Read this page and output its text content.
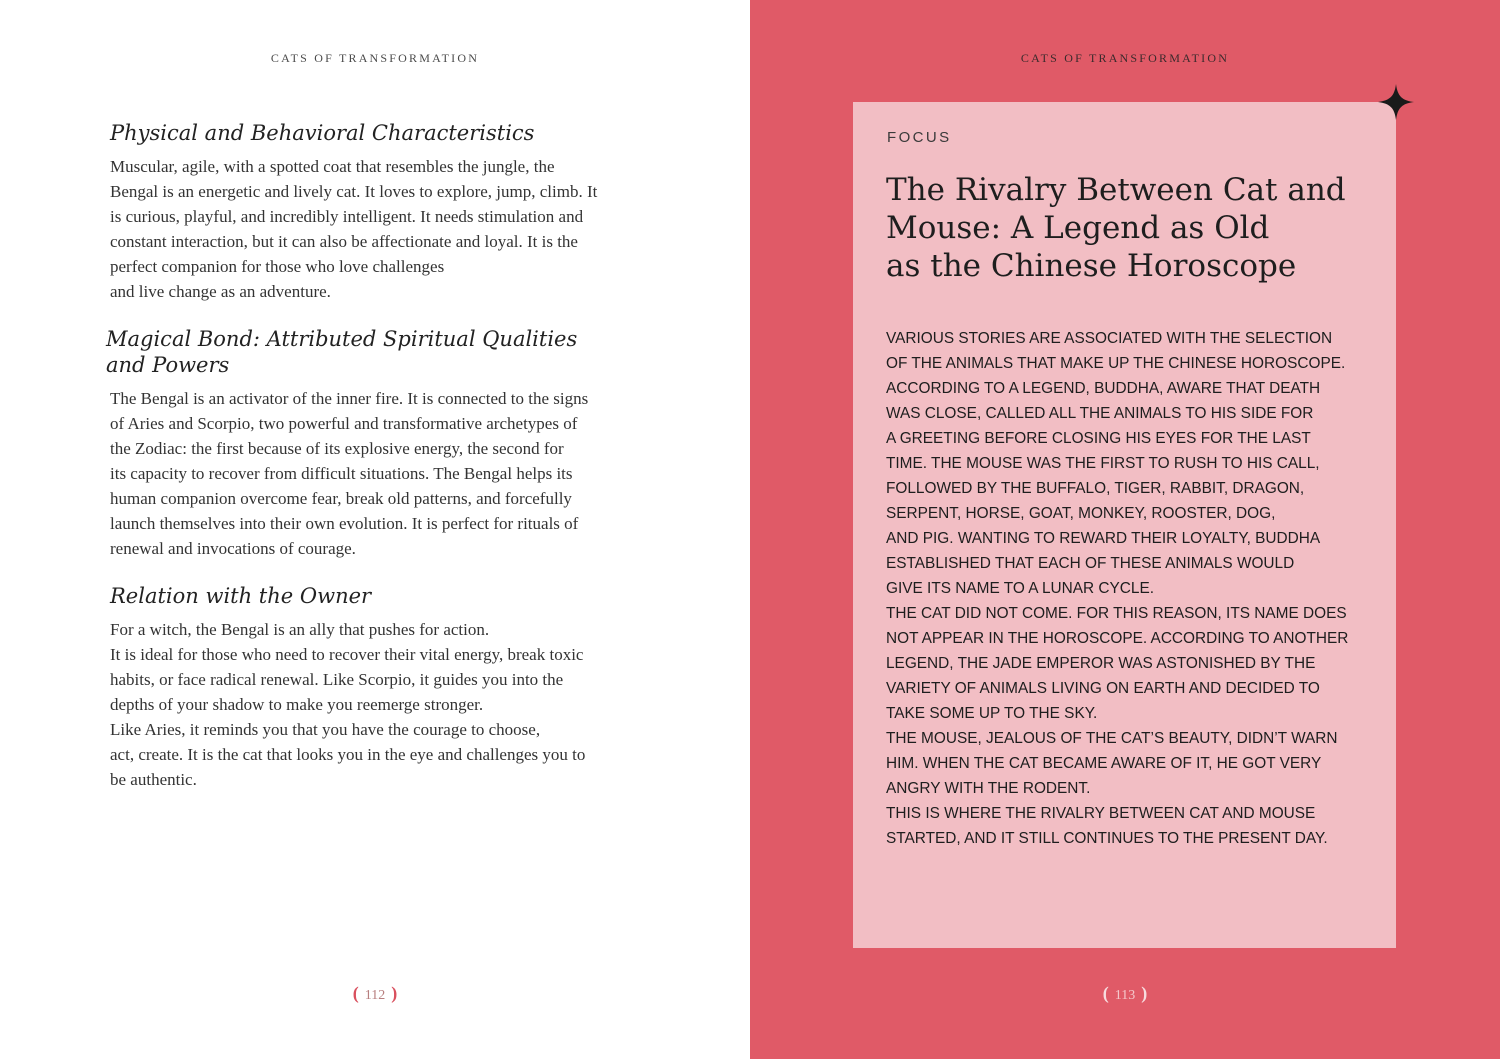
CATS OF TRANSFORMATION
Physical and Behavioral Characteristics

Muscular, agile, with a spotted coat that resembles the jungle, the
Bengal is an energetic and lively cat. It loves to explore, jump, climb. It
is curious, playful, and incredibly intelligent. It needs stimulation and
constant interaction, but it can also be affectionate and loyal. It is the
perfect companion for those who love challenges
and live change as an adventure.

Magical Bond: Attributed Spiritual Qualities
and Powers

The Bengal is an activator of the inner fire. It is connected to the signs
of Aries and Scorpio, two powerful and transformative archetypes of
the Zodiac: the first because of its explosive energy, the second for
its capacity to recover from difficult situations. The Bengal helps its
human companion overcome fear, break old patterns, and forcefully
launch themselves into their own evolution. It is perfect for rituals of
renewal and invocations of courage.

Relation with the Owner

For a witch, the Bengal is an ally that pushes for action.
It is ideal for those who need to recover their vital energy, break toxic
habits, or face radical renewal. Like Scorpio, it guides you into the
depths of your shadow to make you reemerge stronger.
Like Aries, it reminds you that you have the courage to choose,
act, create. It is the cat that looks you in the eye and challenges you to
be authentic.

( 112 )
CATS OF TRANSFORMATION
FOCUS
The Rivalry Between Cat and
Mouse: A Legend as Old
as the Chinese Horoscope

VARIOUS STORIES ARE ASSOCIATED WITH THE SELECTION
OF THE ANIMALS THAT MAKE UP THE CHINESE HOROSCOPE.
ACCORDING TO A LEGEND, BUDDHA, AWARE THAT DEATH
WAS CLOSE, CALLED ALL THE ANIMALS TO HIS SIDE FOR
A GREETING BEFORE CLOSING HIS EYES FOR THE LAST
TIME. THE MOUSE WAS THE FIRST TO RUSH TO HIS CALL,
FOLLOWED BY THE BUFFALO, TIGER, RABBIT, DRAGON,
SERPENT, HORSE, GOAT, MONKEY, ROOSTER, DOG,
AND PIG. WANTING TO REWARD THEIR LOYALTY, BUDDHA
ESTABLISHED THAT EACH OF THESE ANIMALS WOULD
GIVE ITS NAME TO A LUNAR CYCLE.
THE CAT DID NOT COME. FOR THIS REASON, ITS NAME DOES
NOT APPEAR IN THE HOROSCOPE. ACCORDING TO ANOTHER
LEGEND, THE JADE EMPEROR WAS ASTONISHED BY THE
VARIETY OF ANIMALS LIVING ON EARTH AND DECIDED TO
TAKE SOME UP TO THE SKY.
THE MOUSE, JEALOUS OF THE CAT’S BEAUTY, DIDN’T WARN
HIM. WHEN THE CAT BECAME AWARE OF IT, HE GOT VERY
ANGRY WITH THE RODENT.
THIS IS WHERE THE RIVALRY BETWEEN CAT AND MOUSE
STARTED, AND IT STILL CONTINUES TO THE PRESENT DAY.

( 113 )
